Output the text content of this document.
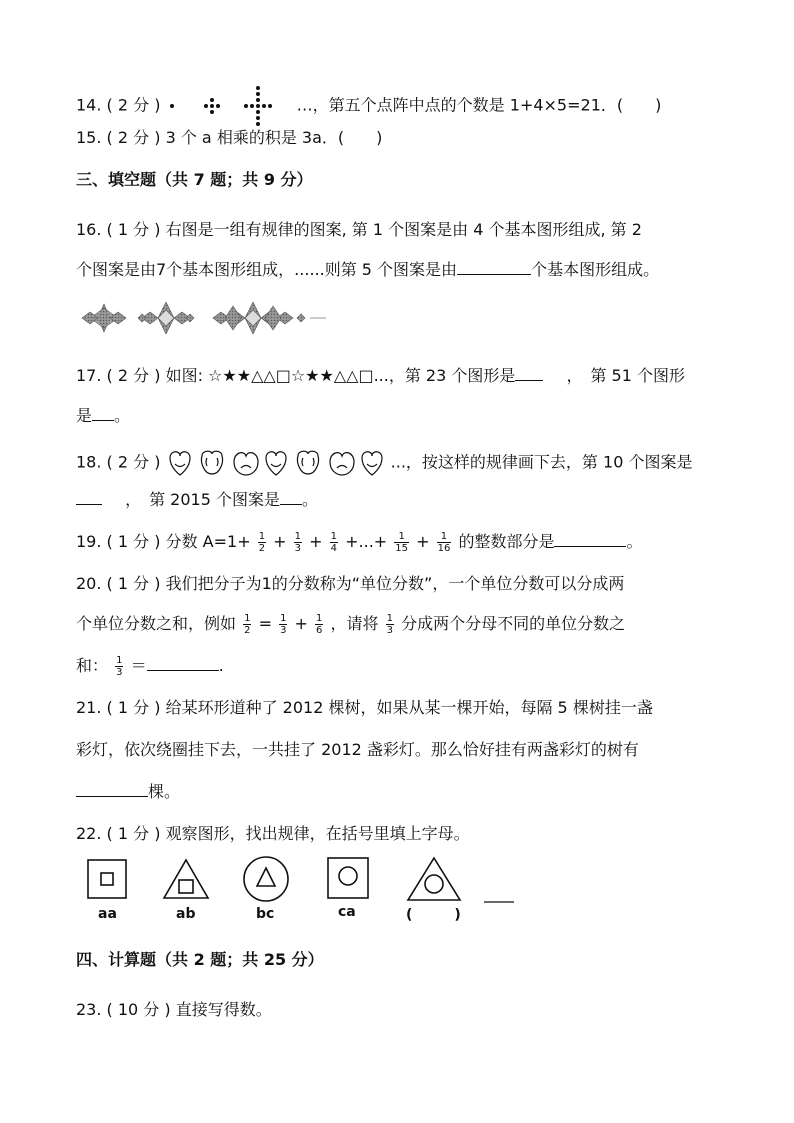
14. ( 2 分 )	…，第五个点阵中点的个数是 1+4×5=21．(　　)
15. ( 2 分 ) 3 个 a 相乘的积是 3a．(　　)
三、填空题（共 7 题；共 9 分）
16. ( 1 分 ) 右图是一组有规律的图案, 第 1 个图案是由 4 个基本图形组成, 第 2
个图案是由7个基本图形组成，......则第 5 个图案是由	个基本图形组成。
17. ( 2 分 ) 如图: ☆★★△△□☆★★△△□...，第 23 个图形是	，　第 51 个图形
是 。
18. ( 2 分 )	...，按这样的规律画下去，第 10 个图案是
，　第 2015 个图案是 。
19. ( 1 分 ) 分数 $A=1+ \frac{1}{2} + \frac{1}{3} + \frac{1}{4}$ +...+ $\frac{1}{15} + \frac{1}{16}$ 的整数部分是	。
20. ( 1 分 ) 我们把分子为1的分数称为“单位分数”，一个单位分数可以分成两
个单位分数之和，例如 $\frac{1}{2} = \frac{1}{3} + \frac{1}{6}$ ，请将 $\frac{1}{3}$ 分成两个分母不同的单位分数之
和： $\frac{1}{3}$ ＝	.
21. ( 1 分 ) 给某环形道种了 2012 棵树，如果从某一棵开始，每隔 5 棵树挂一盏
彩灯，依次绕圈挂下去，一共挂了 2012 盏彩灯。那么恰好挂有两盏彩灯的树有
棵。
22. ( 1 分 ) 观察图形，找出规律，在括号里填上字母。
aa	ab	bc	ca	(　　　)
四、计算题（共 2 题；共 25 分）
23. ( 10 分 ) 直接写得数。
